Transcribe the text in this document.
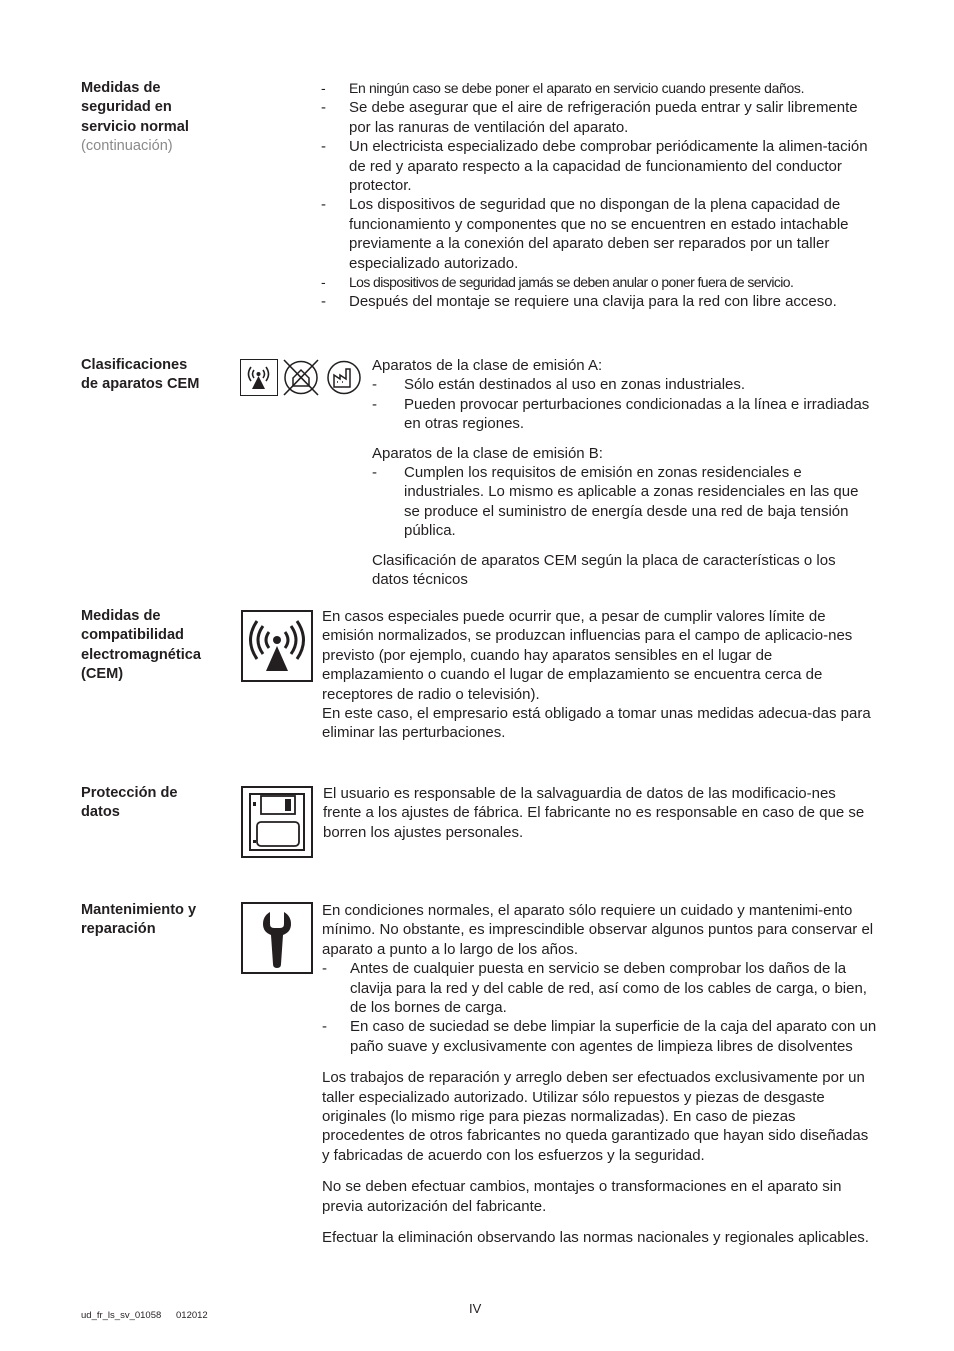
Medidas de
seguridad en
servicio normal
(continuación)
- En ningún caso se debe poner el aparato en servicio cuando presente daños.
- Se debe asegurar que el aire de refrigeración pueda entrar y salir libremente por las ranuras de ventilación del aparato.
- Un electricista especializado debe comprobar periódicamente la alimen-tación de red y aparato respecto a la capacidad de funcionamiento del conductor protector.
- Los dispositivos de seguridad que no dispongan de la plena capacidad de funcionamiento y componentes que no se encuentren en estado intachable previamente a la conexión del aparato deben ser reparados por un taller especializado autorizado.
- Los dispositivos de seguridad jamás se deben anular o poner fuera de servicio.
- Después del montaje se requiere una clavija para la red con libre acceso.
Clasificaciones
de aparatos CEM
Aparatos de la clase de emisión A:
- Sólo están destinados al uso en zonas industriales.
- Pueden provocar perturbaciones condicionadas a la línea e irradiadas en otras regiones.
Aparatos de la clase de emisión B:
- Cumplen los requisitos de emisión en zonas residenciales e industriales. Lo mismo es aplicable a zonas residenciales en las que se produce el suministro de energía desde una red de baja tensión pública.
Clasificación de aparatos CEM según la placa de características o los datos técnicos
Medidas de
compatibilidad
electromagnética
(CEM)
En casos especiales puede ocurrir que, a pesar de cumplir valores límite de emisión normalizados, se produzcan influencias para el campo de aplicacio-nes previsto (por ejemplo, cuando hay aparatos sensibles en el lugar de emplazamiento o cuando el lugar de emplazamiento se encuentra cerca de receptores de radio o televisión).
En este caso, el empresario está obligado a tomar unas medidas adecua-das para eliminar las perturbaciones.
Protección de
datos
El usuario es responsable de la salvaguardia de datos de las modificacio-nes frente a los ajustes de fábrica. El fabricante no es responsable en caso de que se borren los ajustes personales.
Mantenimiento y
reparación
En condiciones normales, el aparato sólo requiere un cuidado y mantenimi-ento mínimo. No obstante, es imprescindible observar algunos puntos para conservar el aparato a punto a lo largo de los años.
- Antes de cualquier puesta en servicio se deben comprobar los daños de la clavija para la red y del cable de red, así como de los cables de carga, o bien, de los bornes de carga.
- En caso de suciedad se debe limpiar la superficie de la caja del aparato con un paño suave y exclusivamente con agentes de limpieza libres de disolventes
Los trabajos de reparación y arreglo deben ser efectuados exclusivamente por un taller especializado autorizado. Utilizar sólo repuestos y piezas de desgaste originales (lo mismo rige para piezas normalizadas). En caso de piezas procedentes de otros fabricantes no queda garantizado que hayan sido diseñadas y fabricadas de acuerdo con los esfuerzos y la seguridad.
No se deben efectuar cambios, montajes o transformaciones en el aparato sin previa autorización del fabricante.
Efectuar la eliminación observando las normas nacionales y regionales aplicables.
ud_fr_ls_sv_01058 012012	IV
